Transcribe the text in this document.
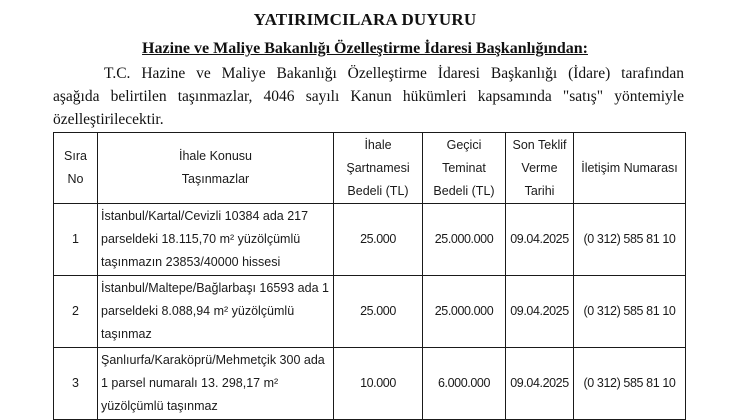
YATIRIMCILARA DUYURU
Hazine ve Maliye Bakanlığı Özelleştirme İdaresi Başkanlığından:
T.C. Hazine ve Maliye Bakanlığı Özelleştirme İdaresi Başkanlığı (İdare) tarafından
aşağıda belirtilen taşınmazlar, 4046 sayılı Kanun hükümleri kapsamında "satış" yöntemiyle
özelleştirilecektir.
Sıra
No

İhale Konusu
Taşınmazlar

İhale
Şartnamesi
Bedeli (TL)

Geçici
Teminat
Bedeli (TL)

Son Teklif
Verme
Tarihi

İletişim Numarası

1	İstanbul/Kartal/Cevizli 10384 ada 217
parseldeki 18.115,70 m² yüzölçümlü
taşınmazın 23853/40000 hissesi	25.000	25.000.000	09.04.2025	(0 312) 585 81 10
2	İstanbul/Maltepe/Bağlarbaşı 16593 ada 1
parseldeki 8.088,94 m² yüzölçümlü
taşınmaz	25.000	25.000.000	09.04.2025	(0 312) 585 81 10
3	Şanlıurfa/Karaköprü/Mehmetçik 300 ada
1 parsel numaralı 13. 298,17 m²
yüzölçümlü taşınmaz	10.000	6.000.000	09.04.2025	(0 312) 585 81 10
